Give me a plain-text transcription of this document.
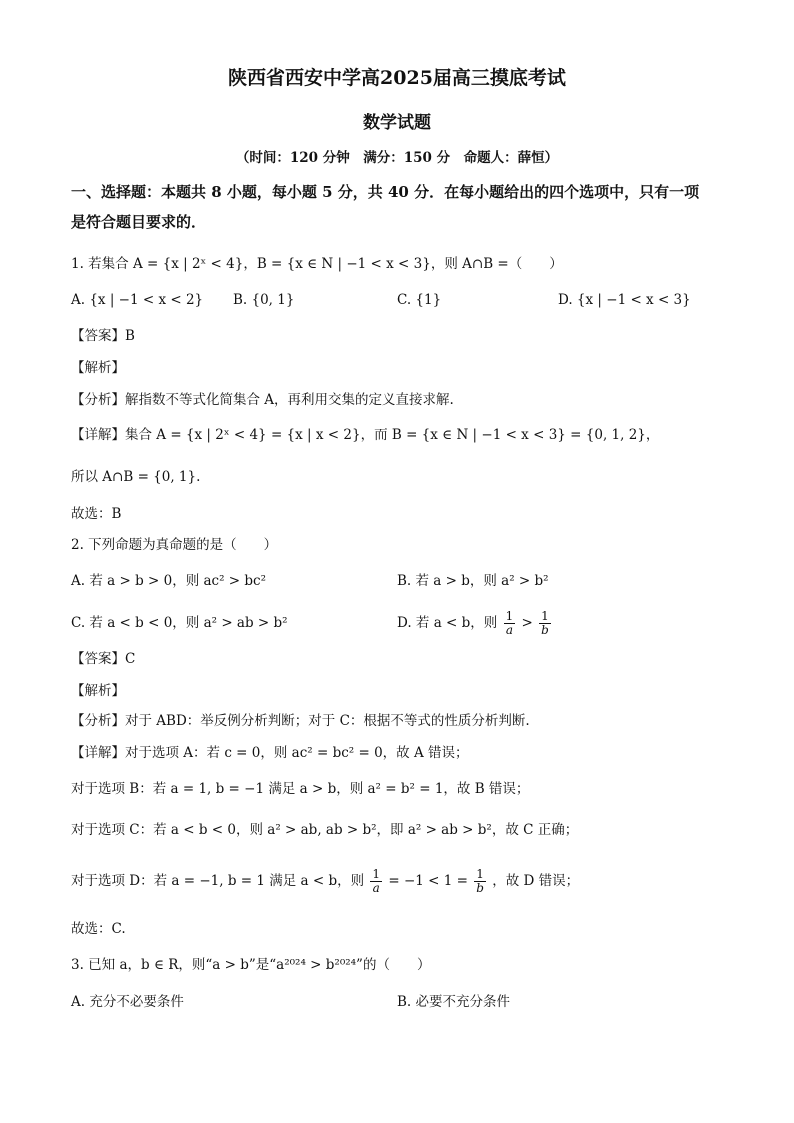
陕西省西安中学高2025届高三摸底考试
数学试题
（时间：120 分钟　满分：150 分　命题人：薛恒）
一、选择题：本题共 8 小题，每小题 5 分，共 40 分．在每小题给出的四个选项中，只有一项
是符合题目要求的．
1. 若集合 A = {x | 2ˣ < 4}，B = {x ∈ N | −1 < x < 3}，则 A∩B =（　　）
A. {x | −1 < x < 2} B. {0, 1}	C. {1}	D. {x | −1 < x < 3}
【答案】B
【解析】
【分析】解指数不等式化简集合 A，再利用交集的定义直接求解.
【详解】集合 A = {x | 2ˣ < 4} = {x | x < 2}，而 B = {x ∈ N | −1 < x < 3} = {0, 1, 2}，
所以 A∩B = {0, 1}.
故选：B
2. 下列命题为真命题的是（　　）
A. 若 a > b > 0，则 ac² > bc²	B. 若 a > b，则 a² > b²
C. 若 a < b < 0，则 a² > ab > b²	D. 若 a < b，则 $\frac{1}{a} > \frac{1}{b}$
【答案】C
【解析】
【分析】对于 ABD：举反例分析判断；对于 C：根据不等式的性质分析判断.
【详解】对于选项 A：若 c = 0，则 ac² = bc² = 0，故 A 错误；
对于选项 B：若 a = 1, b = −1 满足 a > b，则 a² = b² = 1，故 B 错误；
对于选项 C：若 a < b < 0，则 a² > ab, ab > b²，即 a² > ab > b²，故 C 正确；
对于选项 D：若 a = −1, b = 1 满足 a < b，则 $\frac{1}{a} = -1 < 1 = \frac{1}{b}$ ，故 D 错误；
故选：C.
3. 已知 a，b ∈ R，则“a > b”是“a²⁰²⁴ > b²⁰²⁴”的（　　）
A. 充分不必要条件	B. 必要不充分条件
